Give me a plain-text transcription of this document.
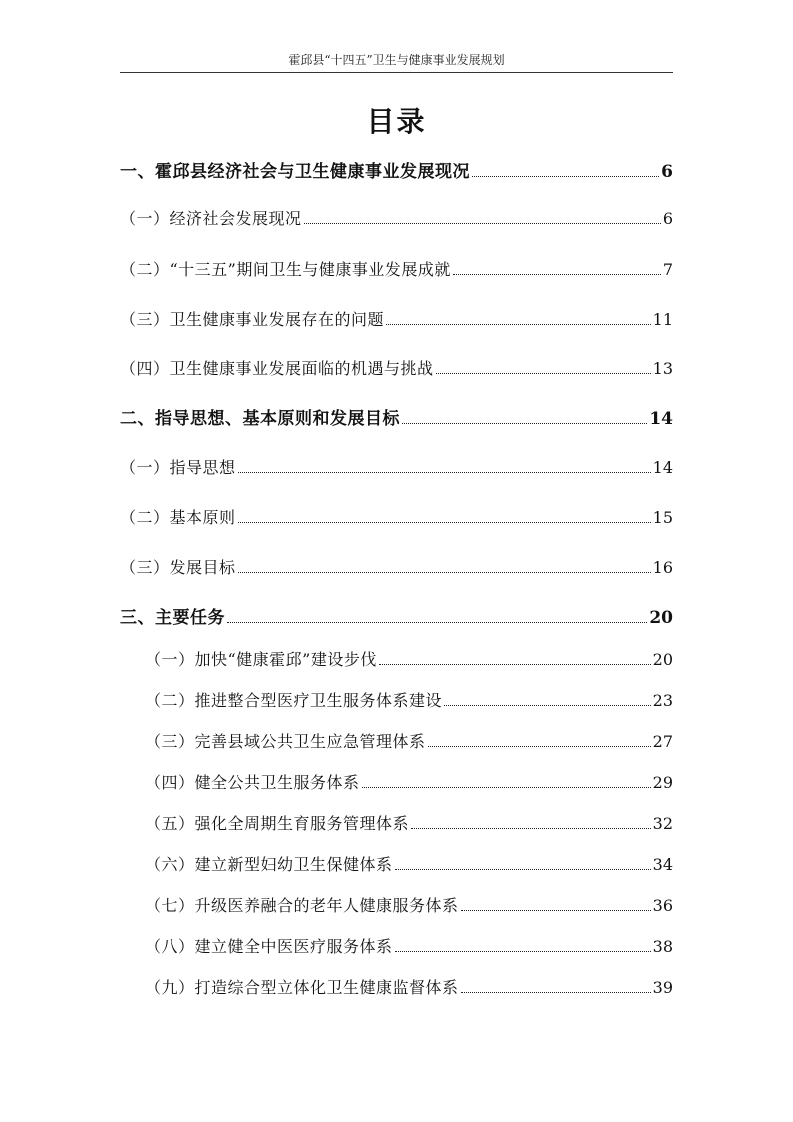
霍邱县“十四五”卫生与健康事业发展规划
目录
一、霍邱县经济社会与卫生健康事业发展现况	6
（一）经济社会发展现况	6
（二）“十三五”期间卫生与健康事业发展成就	7
（三）卫生健康事业发展存在的问题	11
（四）卫生健康事业发展面临的机遇与挑战	13
二、指导思想、基本原则和发展目标	14
（一）指导思想	14
（二）基本原则	15
（三）发展目标	16
三、主要任务	20
（一）加快“健康霍邱”建设步伐	20
（二）推进整合型医疗卫生服务体系建设	23
（三）完善县域公共卫生应急管理体系	27
（四）健全公共卫生服务体系	29
（五）强化全周期生育服务管理体系	32
（六）建立新型妇幼卫生保健体系	34
（七）升级医养融合的老年人健康服务体系	36
（八）建立健全中医医疗服务体系	38
（九）打造综合型立体化卫生健康监督体系	39
